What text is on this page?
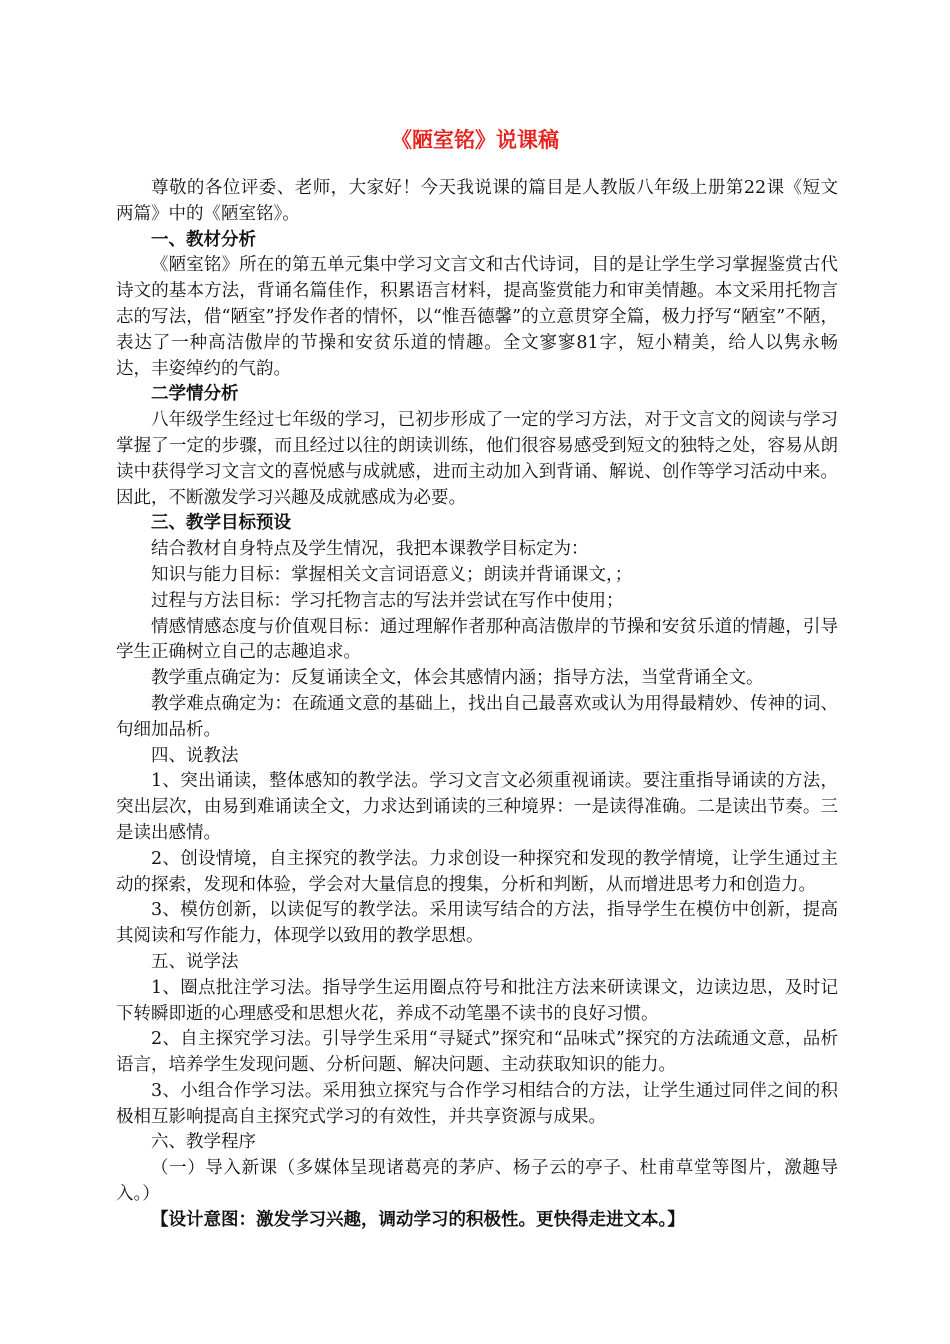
《陋室铭》说课稿

尊敬的各位评委、老师，大家好！今天我说课的篇目是人教版八年级上册第22课《短文两篇》中的《陋室铭》。

一、教材分析

《陋室铭》所在的第五单元集中学习文言文和古代诗词，目的是让学生学习掌握鉴赏古代诗文的基本方法，背诵名篇佳作，积累语言材料，提高鉴赏能力和审美情趣。本文采用托物言志的写法，借“陋室”抒发作者的情怀，以“惟吾德馨”的立意贯穿全篇，极力抒写“陋室”不陋，表达了一种高洁傲岸的节操和安贫乐道的情趣。全文寥寥81字，短小精美，给人以隽永畅达，丰姿绰约的气韵。

二学情分析

八年级学生经过七年级的学习，已初步形成了一定的学习方法，对于文言文的阅读与学习掌握了一定的步骤，而且经过以往的朗读训练，他们很容易感受到短文的独特之处，容易从朗读中获得学习文言文的喜悦感与成就感，进而主动加入到背诵、解说、创作等学习活动中来。因此，不断激发学习兴趣及成就感成为必要。

三、教学目标预设

结合教材自身特点及学生情况，我把本课教学目标定为：

知识与能力目标：掌握相关文言词语意义；朗读并背诵课文，；

过程与方法目标：学习托物言志的写法并尝试在写作中使用；

情感情感态度与价值观目标：通过理解作者那种高洁傲岸的节操和安贫乐道的情趣，引导学生正确树立自己的志趣追求。

教学重点确定为：反复诵读全文，体会其感情内涵；指导方法，当堂背诵全文。

教学难点确定为：在疏通文意的基础上，找出自己最喜欢或认为用得最精妙、传神的词、句细加品析。

四、说教法

1、突出诵读，整体感知的教学法。学习文言文必须重视诵读。要注重指导诵读的方法，突出层次，由易到难诵读全文，力求达到诵读的三种境界：一是读得准确。二是读出节奏。三是读出感情。

2、创设情境，自主探究的教学法。力求创设一种探究和发现的教学情境，让学生通过主动的探索，发现和体验，学会对大量信息的搜集，分析和判断，从而增进思考力和创造力。

3、模仿创新，以读促写的教学法。采用读写结合的方法，指导学生在模仿中创新，提高其阅读和写作能力，体现学以致用的教学思想。

五、说学法

1、圈点批注学习法。指导学生运用圈点符号和批注方法来研读课文，边读边思，及时记下转瞬即逝的心理感受和思想火花，养成不动笔墨不读书的良好习惯。

2、自主探究学习法。引导学生采用“寻疑式”探究和“品味式”探究的方法疏通文意，品析语言，培养学生发现问题、分析问题、解决问题、主动获取知识的能力。

3、小组合作学习法。采用独立探究与合作学习相结合的方法，让学生通过同伴之间的积极相互影响提高自主探究式学习的有效性，并共享资源与成果。

六、教学程序

（一）导入新课（多媒体呈现诸葛亮的茅庐、杨子云的亭子、杜甫草堂等图片，激趣导入。）

【设计意图：激发学习兴趣，调动学习的积极性。更快得走进文本。】
